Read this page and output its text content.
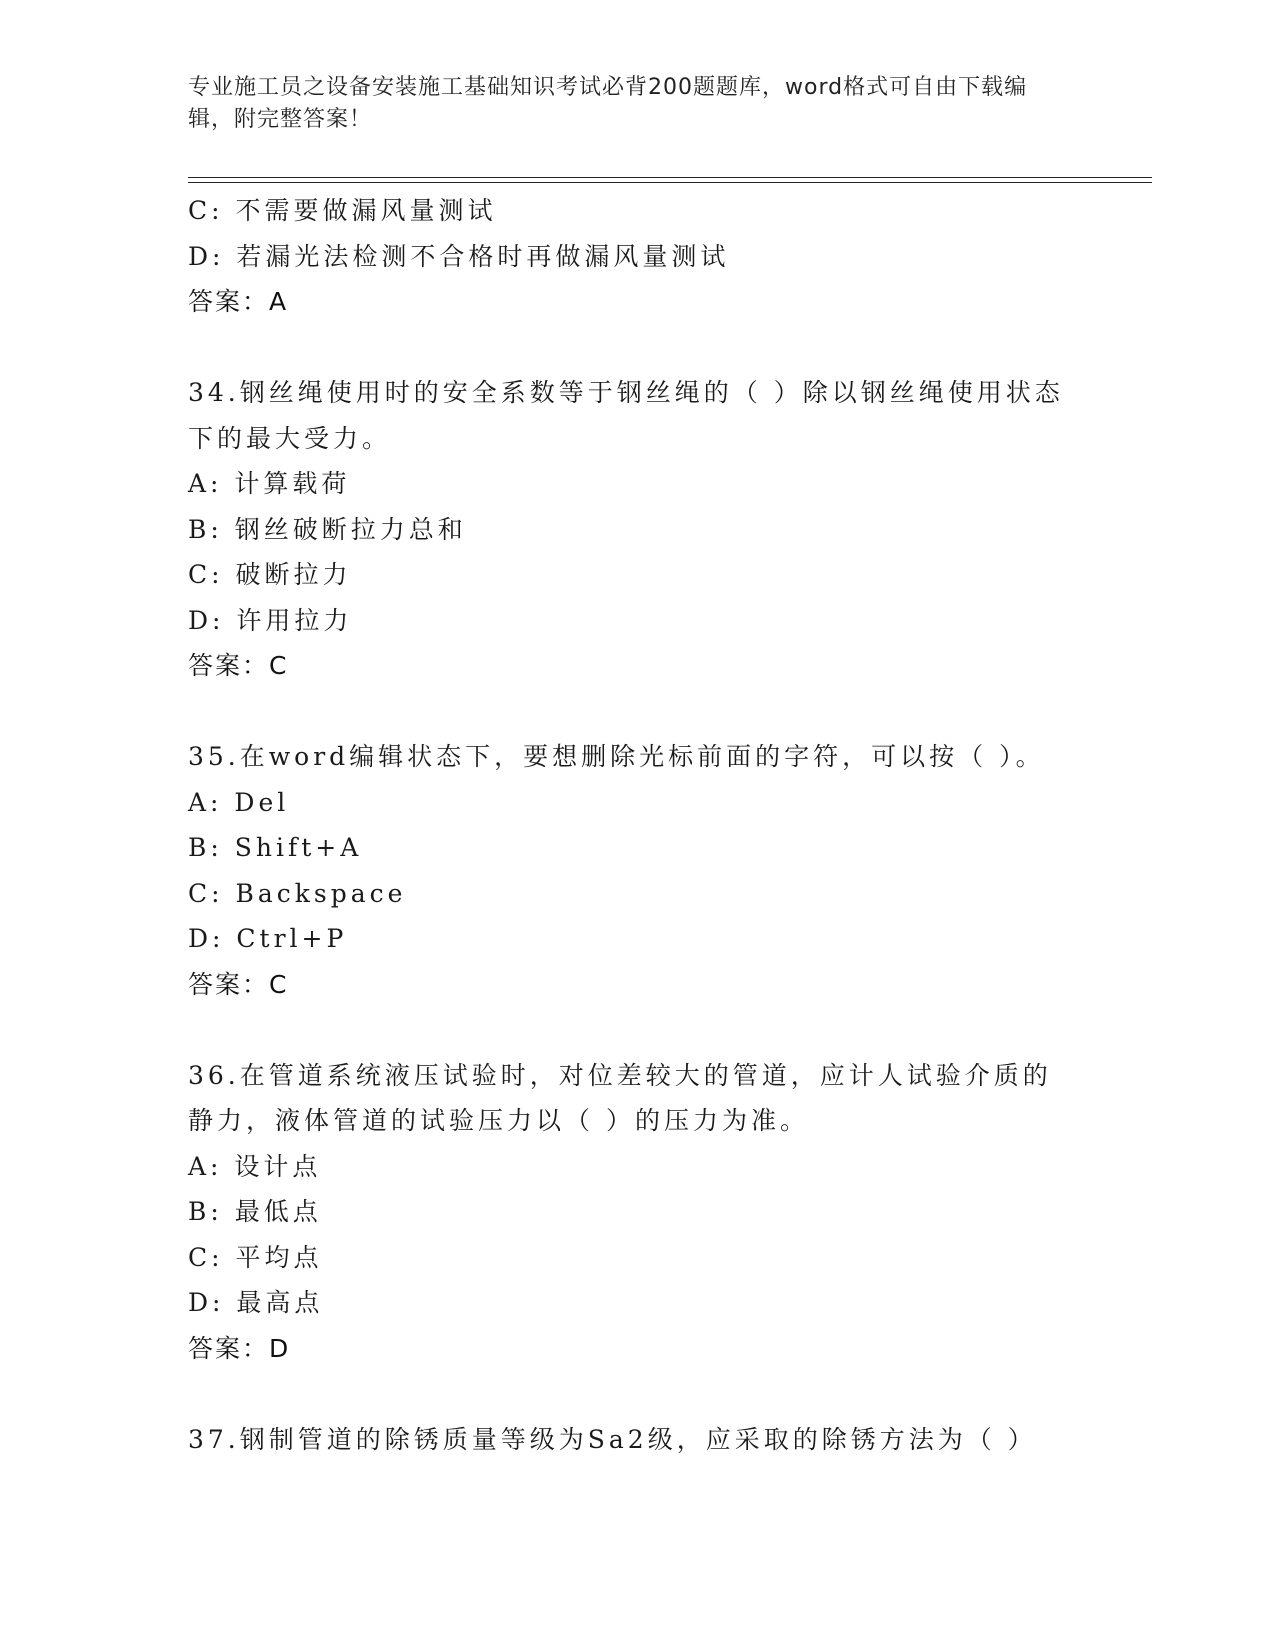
专业施工员之设备安装施工基础知识考试必背200题题库，word格式可自由下载编辑，附完整答案！
C: 不需要做漏风量测试
D: 若漏光法检测不合格时再做漏风量测试
答案：A
34.钢丝绳使用时的安全系数等于钢丝绳的（ ）除以钢丝绳使用状态下的最大受力。
A: 计算载荷
B: 钢丝破断拉力总和
C: 破断拉力
D: 许用拉力
答案：C
35.在word编辑状态下，要想删除光标前面的字符，可以按（ ）。
A: Del
B: Shift+A
C: Backspace
D: Ctrl+P
答案：C
36.在管道系统液压试验时，对位差较大的管道，应计人试验介质的静力，液体管道的试验压力以（ ）的压力为准。
A: 设计点
B: 最低点
C: 平均点
D: 最高点
答案：D
37.钢制管道的除锈质量等级为Sa2级，应采取的除锈方法为（ ）
